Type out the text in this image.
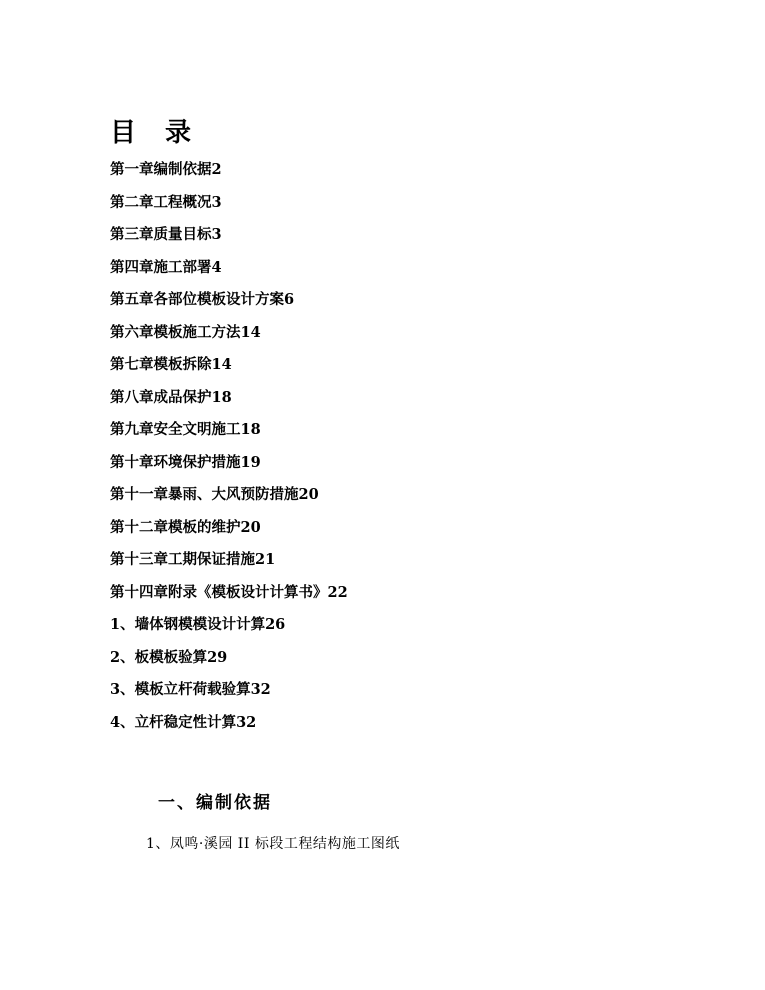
目 录
第一章编制依据2
第二章工程概况3
第三章质量目标3
第四章施工部署4
第五章各部位模板设计方案6
第六章模板施工方法14
第七章模板拆除14
第八章成品保护18
第九章安全文明施工18
第十章环境保护措施19
第十一章暴雨、大风预防措施20
第十二章模板的维护20
第十三章工期保证措施21
第十四章附录《模板设计计算书》22
1、墙体钢模模设计计算26
2、板模板验算29
3、模板立杆荷载验算32
4、立杆稳定性计算32
一、编制依据

1、凤鸣·溪园 II 标段工程结构施工图纸
